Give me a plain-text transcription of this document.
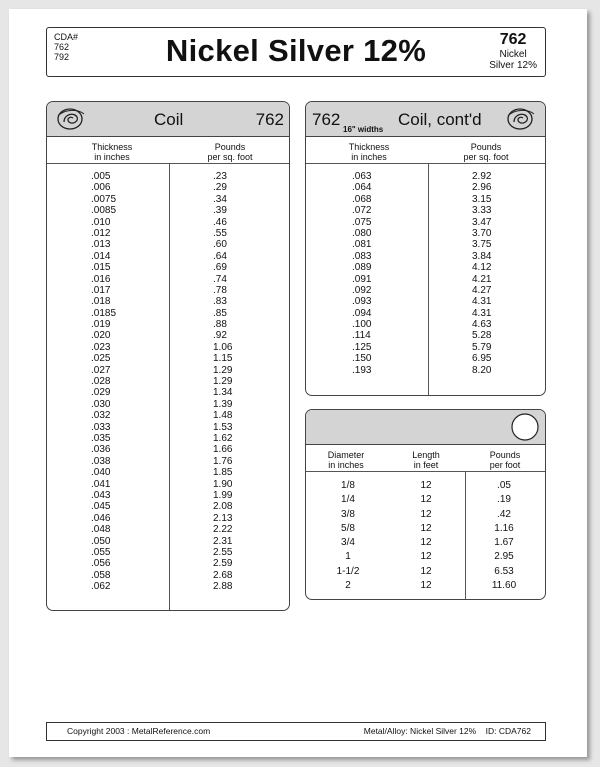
CDA#
762
792	Nickel Silver 12%	762
Nickel
Silver 12%
Coil	762
Thickness
in inches
Pounds
per sq. foot
.005	.23
.006	.29
.0075	.34
.0085	.39
.010	.46
.012	.55
.013	.60
.014	.64
.015	.69
.016	.74
.017	.78
.018	.83
.0185	.85
.019	.88
.020	.92
.023	1.06
.025	1.15
.027	1.29
.028	1.29
.029	1.34
.030	1.39
.032	1.48
.033	1.53
.035	1.62
.036	1.66
.038	1.76
.040	1.85
.041	1.90
.043	1.99
.045	2.08
.046	2.13
.048	2.22
.050	2.31
.055	2.55
.056	2.59
.058	2.68
.062	2.88
762	Coil, cont'd
16" widths
Thickness
in inches
Pounds
per sq. foot
.063	2.92
.064	2.96
.068	3.15
.072	3.33
.075	3.47
.080	3.70
.081	3.75
.083	3.84
.089	4.12
.091	4.21
.092	4.27
.093	4.31
.094	4.31
.100	4.63
.114	5.28
.125	5.79
.150	6.95
.193	8.20
Diameter
in inches
Length
in feet
Pounds
per foot
1/8	12	.05
1/4	12	.19
3/8	12	.42
5/8	12	1.16
3/4	12	1.67
1	12	2.95
1-1/2	12	6.53
2	12	11.60
Copyright 2003 : MetalReference.com	Metal/Alloy: Nickel Silver 12%    ID: CDA762
